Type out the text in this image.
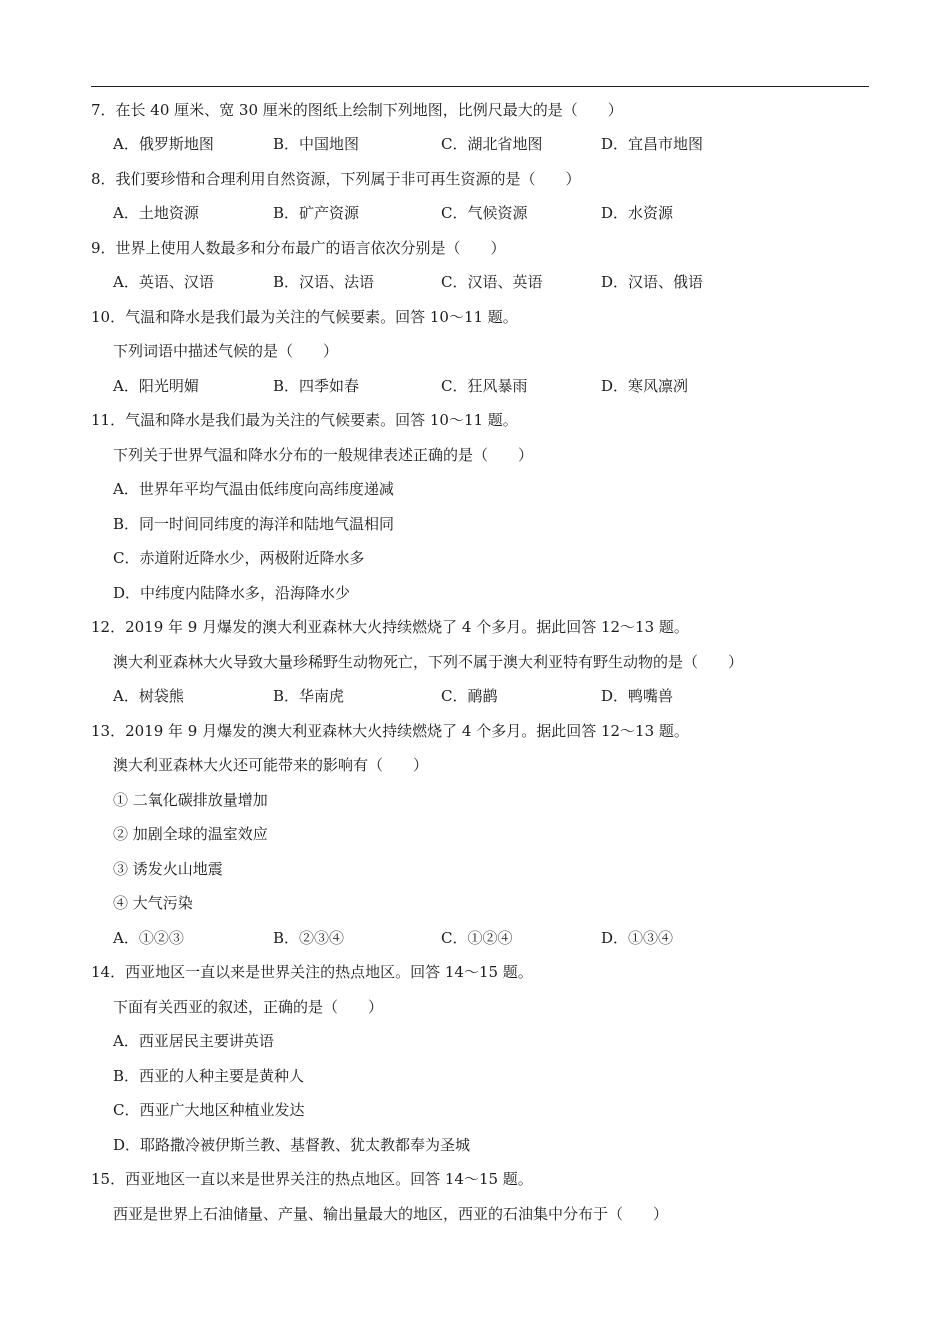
7．在长 40 厘米、宽 30 厘米的图纸上绘制下列地图，比例尺最大的是（　　）
A．俄罗斯地图	B．中国地图	C．湖北省地图	D．宜昌市地图
8．我们要珍惜和合理利用自然资源，下列属于非可再生资源的是（　　）
A．土地资源	B．矿产资源	C．气候资源	D．水资源
9．世界上使用人数最多和分布最广的语言依次分别是（　　）
A．英语、汉语	B．汉语、法语	C．汉语、英语	D．汉语、俄语
10．气温和降水是我们最为关注的气候要素。回答 10～11 题。
下列词语中描述气候的是（　　）
A．阳光明媚	B．四季如春	C．狂风暴雨	D．寒风凛冽
11．气温和降水是我们最为关注的气候要素。回答 10～11 题。
下列关于世界气温和降水分布的一般规律表述正确的是（　　）
A．世界年平均气温由低纬度向高纬度递减
B．同一时间同纬度的海洋和陆地气温相同
C．赤道附近降水少，两极附近降水多
D．中纬度内陆降水多，沿海降水少
12．2019 年 9 月爆发的澳大利亚森林大火持续燃烧了 4 个多月。据此回答 12～13 题。
澳大利亚森林大火导致大量珍稀野生动物死亡，下列不属于澳大利亚特有野生动物的是（　　）
A．树袋熊	B．华南虎	C．鸸鹋	D．鸭嘴兽
13．2019 年 9 月爆发的澳大利亚森林大火持续燃烧了 4 个多月。据此回答 12～13 题。
澳大利亚森林大火还可能带来的影响有（　　）
① 二氧化碳排放量增加
② 加剧全球的温室效应
③ 诱发火山地震
④ 大气污染
A．①②③	B．②③④	C．①②④	D．①③④
14．西亚地区一直以来是世界关注的热点地区。回答 14～15 题。
下面有关西亚的叙述，正确的是（　　）
A．西亚居民主要讲英语
B．西亚的人种主要是黄种人
C．西亚广大地区种植业发达
D．耶路撒冷被伊斯兰教、基督教、犹太教都奉为圣城
15．西亚地区一直以来是世界关注的热点地区。回答 14～15 题。
西亚是世界上石油储量、产量、输出量最大的地区，西亚的石油集中分布于（　　）
